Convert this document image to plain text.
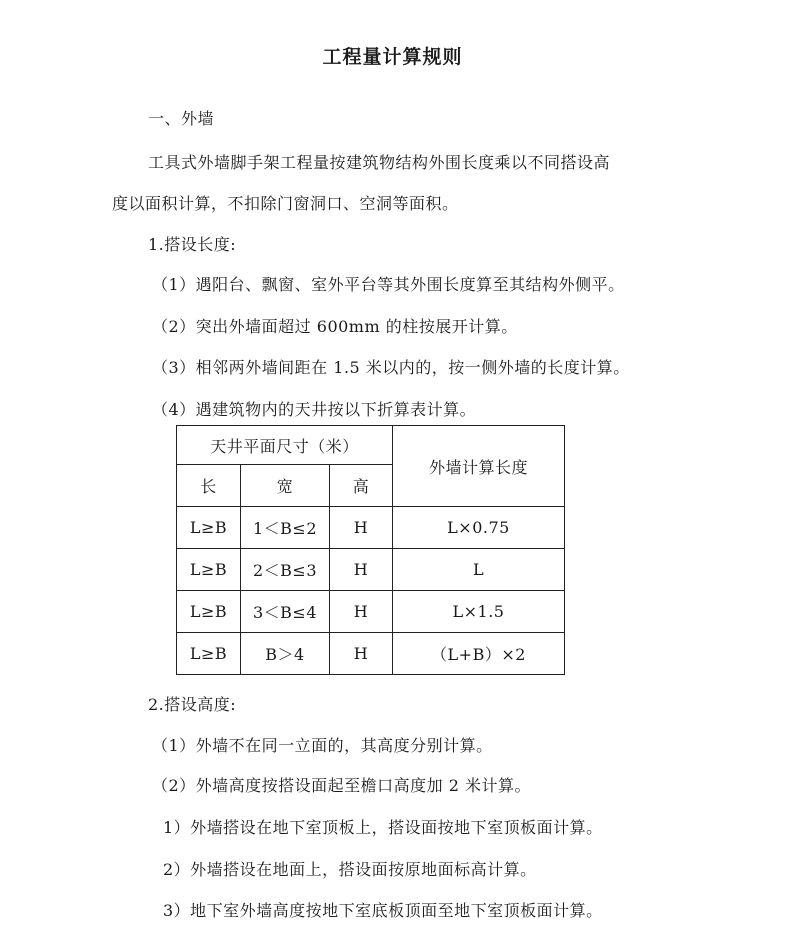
工程量计算规则
一、外墙
工具式外墙脚手架工程量按建筑物结构外围长度乘以不同搭设高
度以面积计算，不扣除门窗洞口、空洞等面积。
1.搭设长度:
（1）遇阳台、飘窗、室外平台等其外围长度算至其结构外侧平。
（2）突出外墙面超过 600mm 的柱按展开计算。
（3）相邻两外墙间距在 1.5 米以内的，按一侧外墙的长度计算。
（4）遇建筑物内的天井按以下折算表计算。
天井平面尺寸（米）			外墙计算长度
长	宽	高	
L≥B	1＜B≤2	H	L×0.75
L≥B	2＜B≤3	H	L
L≥B	3＜B≤4	H	L×1.5
L≥B	B＞4	H	（L+B）×2
2.搭设高度:
（1）外墙不在同一立面的，其高度分别计算。
（2）外墙高度按搭设面起至檐口高度加 2 米计算。
1）外墙搭设在地下室顶板上，搭设面按地下室顶板面计算。
2）外墙搭设在地面上，搭设面按原地面标高计算。
3）地下室外墙高度按地下室底板顶面至地下室顶板面计算。
